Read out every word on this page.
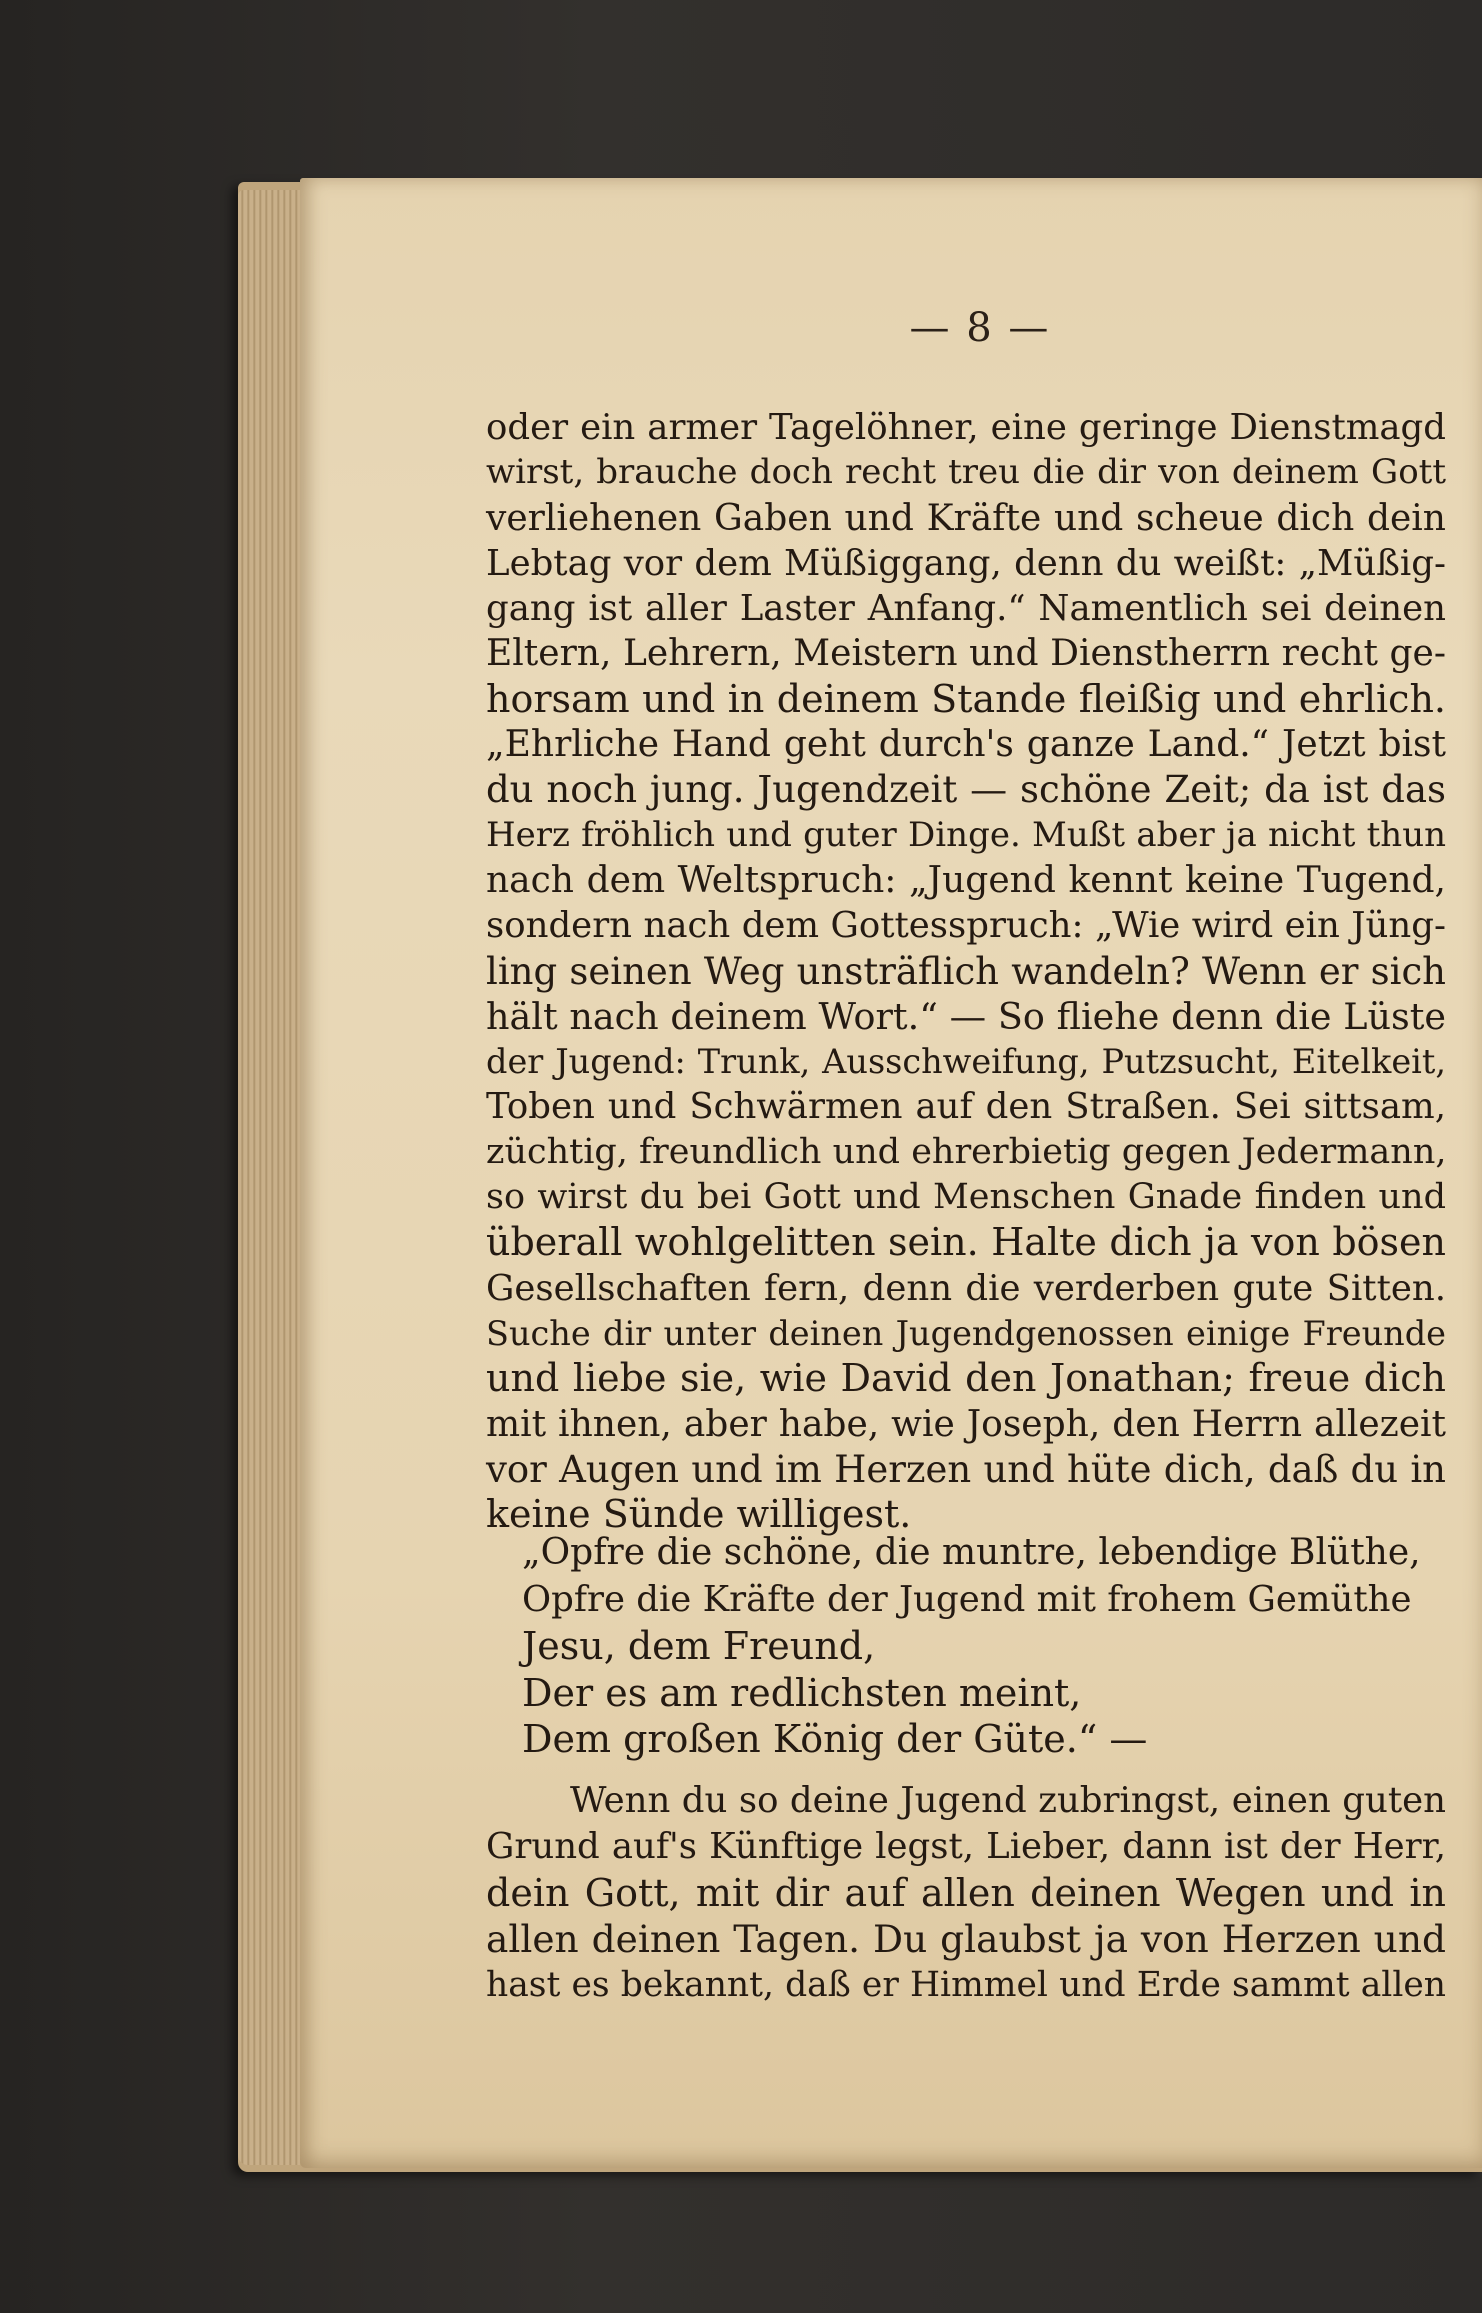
— 8 —
oder ein armer Tagelöhner, eine geringe Dienstmagd
wirst, brauche doch recht treu die dir von deinem Gott
verliehenen Gaben und Kräfte und scheue dich dein
Lebtag vor dem Müßiggang, denn du weißt: „Müßig-
gang ist aller Laster Anfang.“ Namentlich sei deinen
Eltern, Lehrern, Meistern und Dienstherrn recht ge-
horsam und in deinem Stande fleißig und ehrlich.
„Ehrliche Hand geht durch's ganze Land.“ Jetzt bist
du noch jung. Jugendzeit — schöne Zeit; da ist das
Herz fröhlich und guter Dinge. Mußt aber ja nicht thun
nach dem Weltspruch: „Jugend kennt keine Tugend,
sondern nach dem Gottesspruch: „Wie wird ein Jüng-
ling seinen Weg unsträflich wandeln? Wenn er sich
hält nach deinem Wort.“ — So fliehe denn die Lüste
der Jugend: Trunk, Ausschweifung, Putzsucht, Eitelkeit,
Toben und Schwärmen auf den Straßen. Sei sittsam,
züchtig, freundlich und ehrerbietig gegen Jedermann,
so wirst du bei Gott und Menschen Gnade finden und
überall wohlgelitten sein. Halte dich ja von bösen
Gesellschaften fern, denn die verderben gute Sitten.
Suche dir unter deinen Jugendgenossen einige Freunde
und liebe sie, wie David den Jonathan; freue dich
mit ihnen, aber habe, wie Joseph, den Herrn allezeit
vor Augen und im Herzen und hüte dich, daß du in
keine Sünde willigest.
„Opfre die schöne, die muntre, lebendige Blüthe,
Opfre die Kräfte der Jugend mit frohem Gemüthe
Jesu, dem Freund,
Der es am redlichsten meint,
Dem großen König der Güte.“ —
Wenn du so deine Jugend zubringst, einen guten
Grund auf's Künftige legst, Lieber, dann ist der Herr,
dein Gott, mit dir auf allen deinen Wegen und in
allen deinen Tagen. Du glaubst ja von Herzen und
hast es bekannt, daß er Himmel und Erde sammt allen
